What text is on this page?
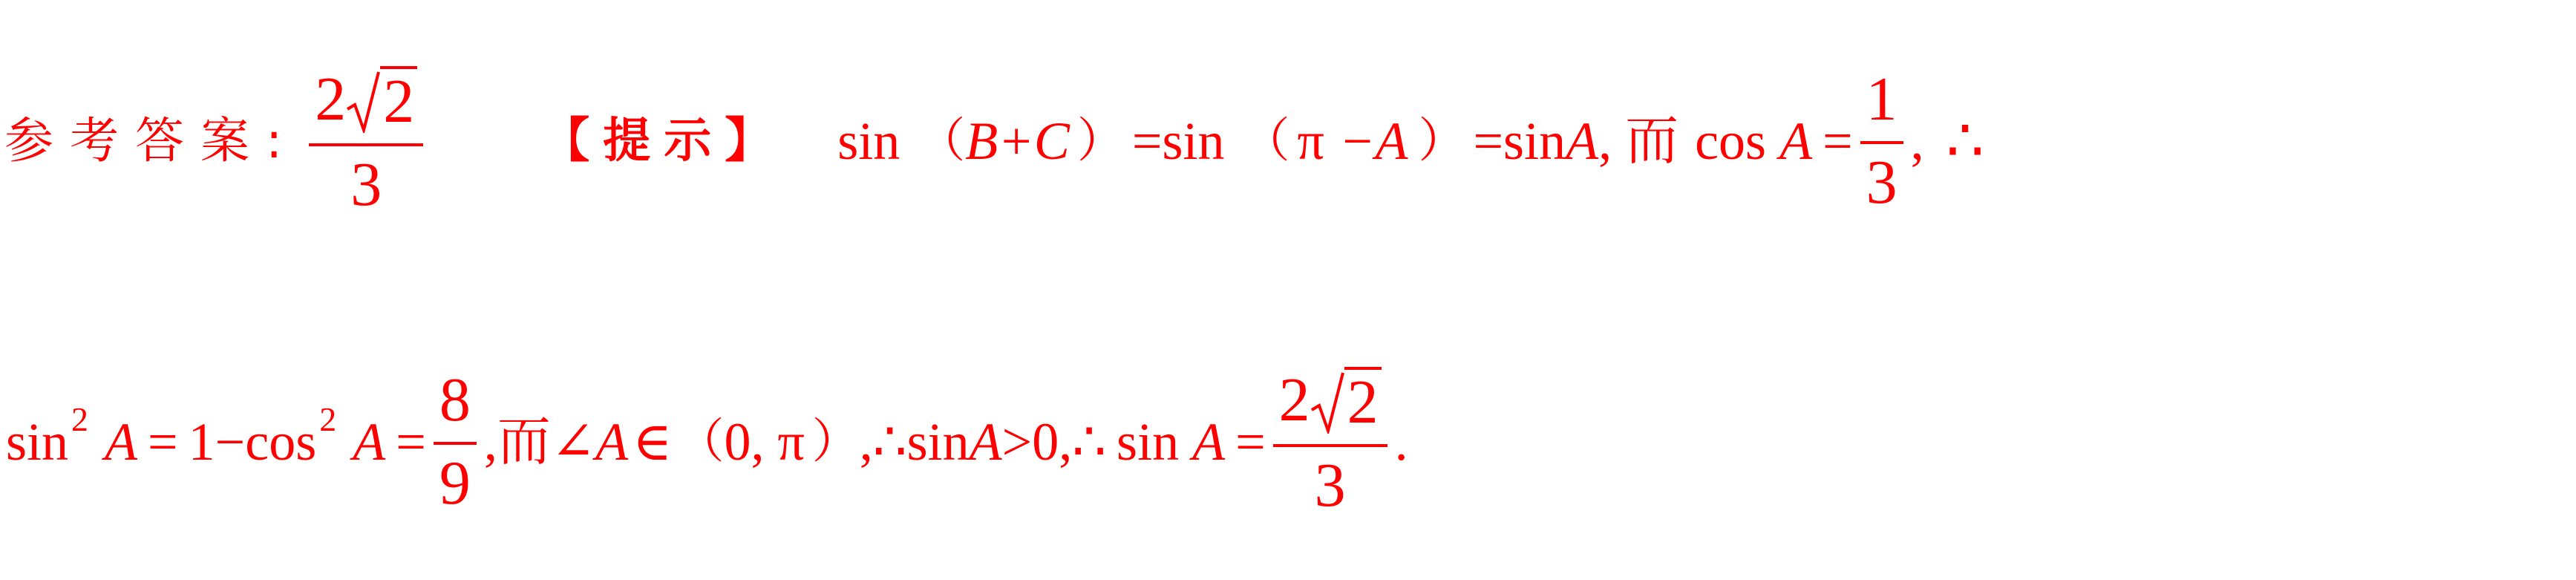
参考答案: $\frac{2 2}{3}$	【提示】 sin （ B+C ） =sin （ π −A ） =sin A , 而 $\cos A = \frac{1}{3}$ , ∴
sin 2 A = 1−cos 2 $A = \frac{8}{9}$ ,而 ∠ A ∈ （ 0, π ） ,∴ sin A >0, ∴ $\sin A = \frac{2 2}{3}$ .
